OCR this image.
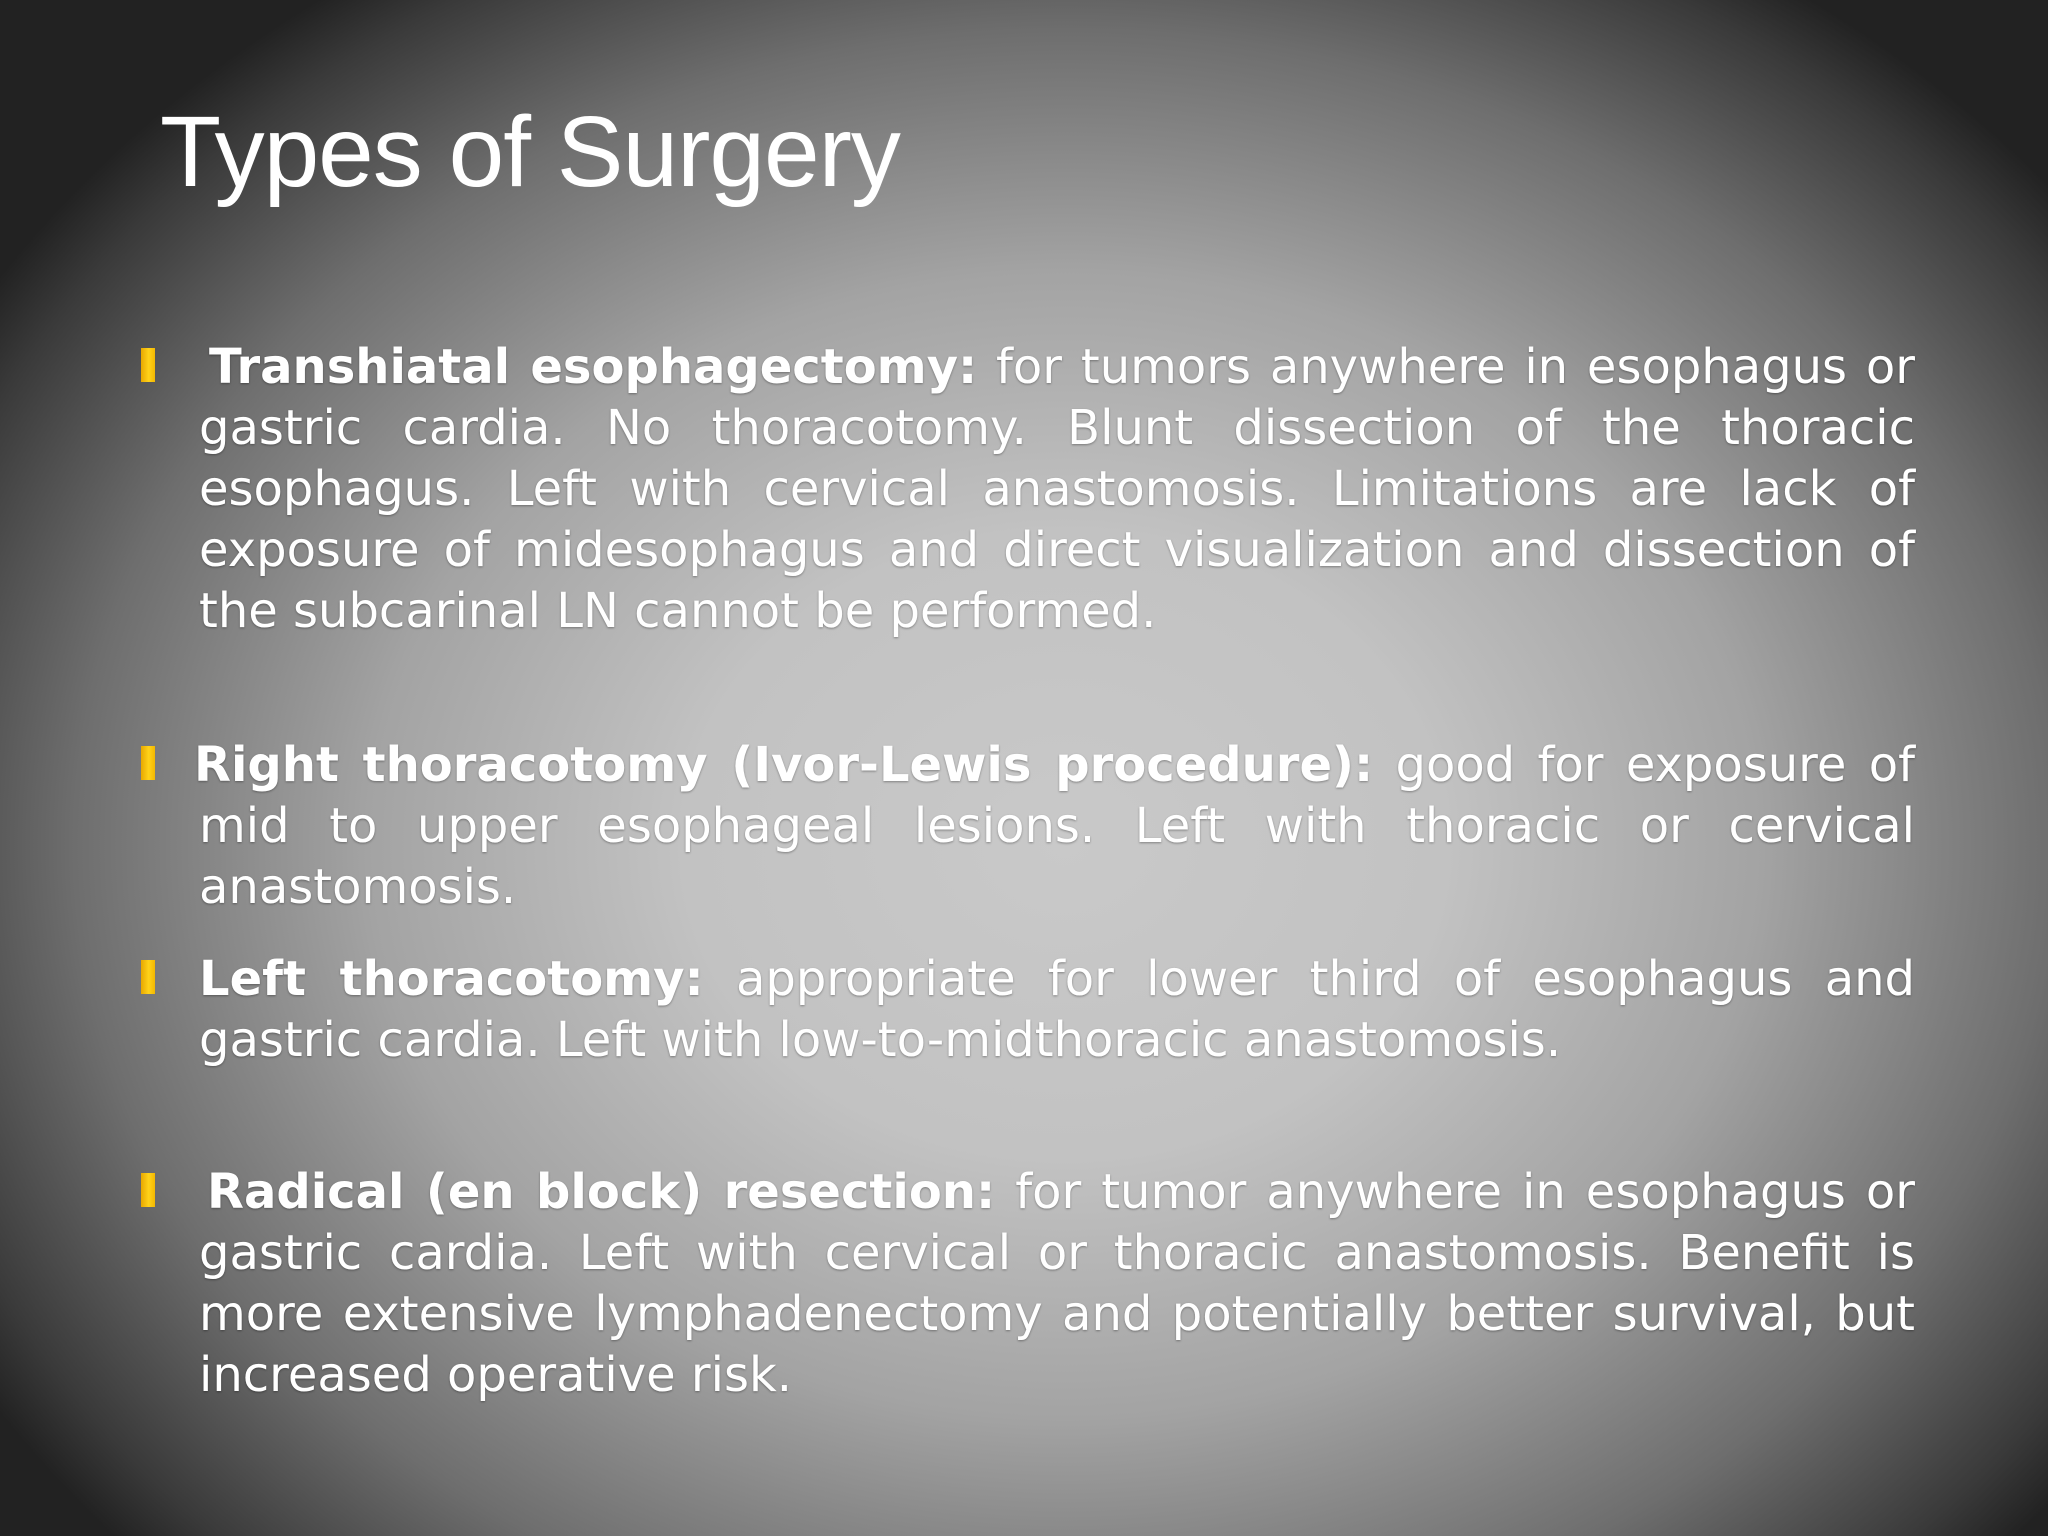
Types of Surgery

Transhiatal esophagectomy: for tumors anywhere in esophagus or gastric cardia. No thoracotomy. Blunt dissection of the thoracic esophagus. Left with cervical anastomosis. Limitations are lack of exposure of midesophagus and direct visualization and dissection of the subcarinal LN cannot be performed.

Right thoracotomy (Ivor-Lewis procedure): good for exposure of mid to upper esophageal lesions. Left with thoracic or cervical anastomosis.

Left thoracotomy: appropriate for lower third of esophagus and gastric cardia. Left with low-to-midthoracic anastomosis.

Radical (en block) resection: for tumor anywhere in esophagus or gastric cardia. Left with cervical or thoracic anastomosis. Benefit is more extensive lymphadenectomy and potentially better survival, but increased operative risk.
